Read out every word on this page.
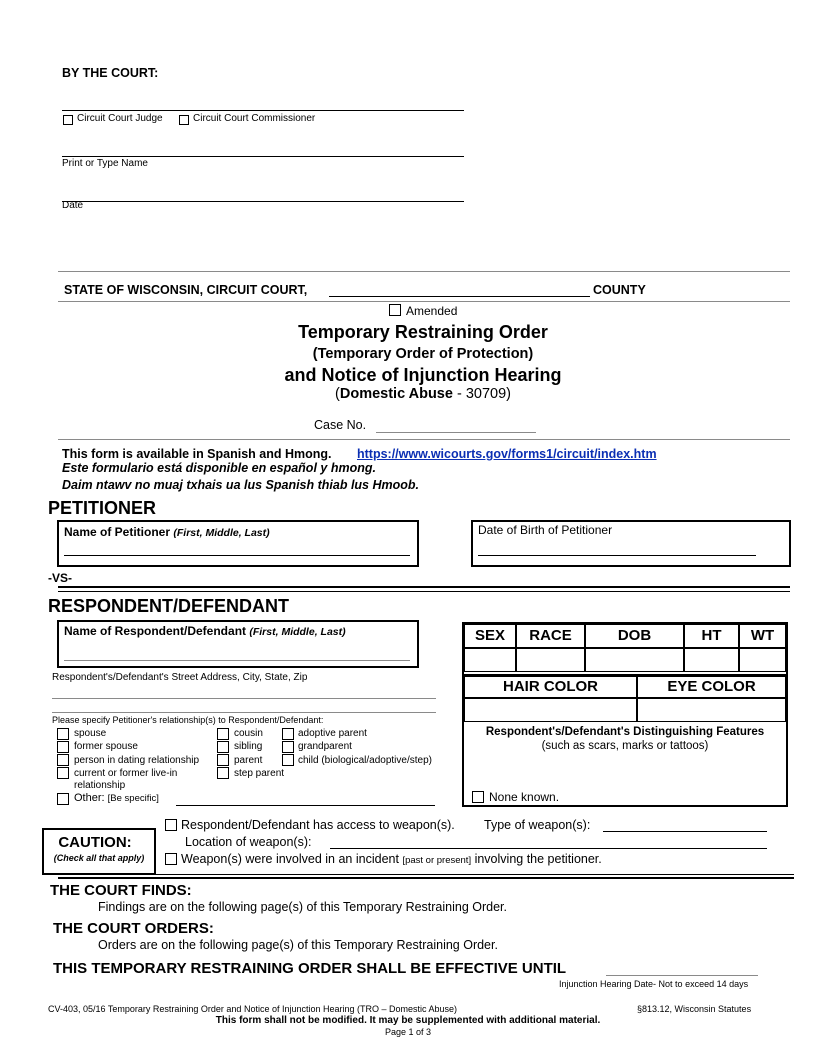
BY THE COURT:
Circuit Court Judge	Circuit Court Commissioner
Print or Type Name
Date
STATE OF WISCONSIN, CIRCUIT COURT,	COUNTY
Amended
Temporary Restraining Order
(Temporary Order of Protection)
and Notice of Injunction Hearing
(Domestic Abuse - 30709)
Case No.
This form is available in Spanish and Hmong. https://www.wicourts.gov/forms1/circuit/index.htm
Este formulario está disponible en español y hmong.
Daim ntawv no muaj txhais ua lus Spanish thiab lus Hmoob.
PETITIONER
Name of Petitioner (First, Middle, Last)	Date of Birth of Petitioner
-VS-
RESPONDENT/DEFENDANT
Name of Respondent/Defendant (First, Middle, Last)
Respondent's/Defendant's Street Address, City, State, Zip
Please specify Petitioner's relationship(s) to Respondent/Defendant:
spouse
former spouse
person in dating relationship
current or former live-in
relationship
cousin
sibling
parent
step parent
adoptive parent
grandparent
child (biological/adoptive/step)
Other: [Be specific]
SEX	RACE	DOB	HT	WT
HAIR COLOR	EYE COLOR
Respondent's/Defendant's Distinguishing Features
(such as scars, marks or tattoos)
None known.
CAUTION:
(Check all that apply)
Respondent/Defendant has access to weapon(s). Type of weapon(s):
Location of weapon(s):
Weapon(s) were involved in an incident [past or present] involving the petitioner.
THE COURT FINDS:
Findings are on the following page(s) of this Temporary Restraining Order.
THE COURT ORDERS:
Orders are on the following page(s) of this Temporary Restraining Order.
THIS TEMPORARY RESTRAINING ORDER SHALL BE EFFECTIVE UNTIL
Injunction Hearing Date- Not to exceed 14 days
CV-403, 05/16 Temporary Restraining Order and Notice of Injunction Hearing (TRO – Domestic Abuse)	§813.12, Wisconsin Statutes
This form shall not be modified. It may be supplemented with additional material.
Page 1 of 3
